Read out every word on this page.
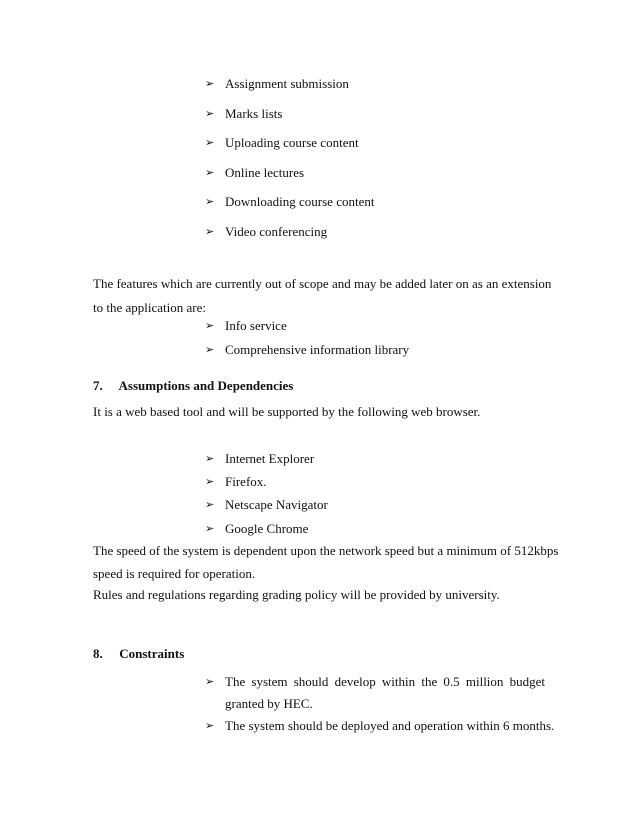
➢ Assignment submission
➢ Marks lists
➢ Uploading course content
➢ Online lectures
➢ Downloading course content
➢ Video conferencing
The features which are currently out of scope and may be added later on as an extension
to the application are:
➢ Info service
➢ Comprehensive information library
7. Assumptions and Dependencies
It is a web based tool and will be supported by the following web browser.
➢ Internet Explorer
➢ Firefox.
➢ Netscape Navigator
➢ Google Chrome
The speed of the system is dependent upon the network speed but a minimum of 512kbps
speed is required for operation.
Rules and regulations regarding grading policy will be provided by university.
8. Constraints
➢ The system should develop within the 0.5 million budget
granted by HEC.
➢ The system should be deployed and operation within 6 months.
